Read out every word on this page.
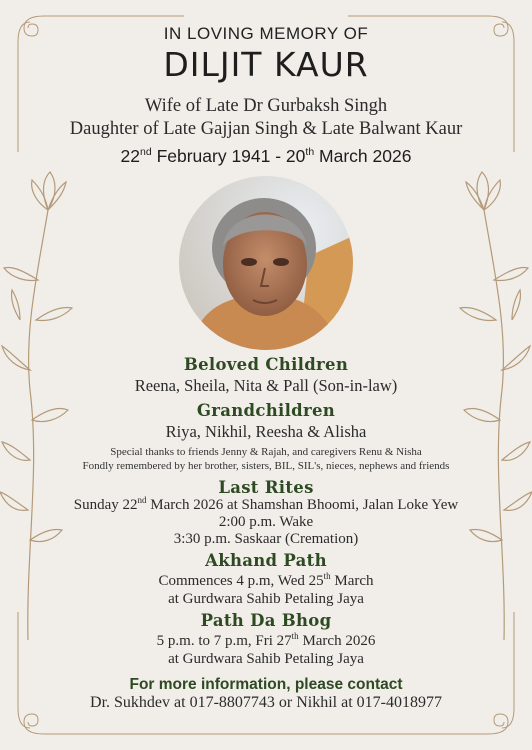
IN LOVING MEMORY OF
DILJIT KAUR
Wife of Late Dr Gurbaksh Singh
Daughter of Late Gajjan Singh & Late Balwant Kaur
22nd February 1941 - 20th March 2026
Beloved Children
Reena, Sheila, Nita & Pall (Son-in-law)
Grandchildren
Riya, Nikhil, Reesha & Alisha
Special thanks to friends Jenny & Rajah, and caregivers Renu & Nisha
Fondly remembered by her brother, sisters, BIL, SIL's, nieces, nephews and friends
Last Rites
Sunday 22nd March 2026 at Shamshan Bhoomi, Jalan Loke Yew
2:00 p.m. Wake
3:30 p.m. Saskaar (Cremation)
Akhand Path
Commences 4 p.m, Wed 25th March
at Gurdwara Sahib Petaling Jaya
Path Da Bhog
5 p.m. to 7 p.m, Fri 27th March 2026
at Gurdwara Sahib Petaling Jaya
For more information, please contact
Dr. Sukhdev at 017-8807743 or Nikhil at 017-4018977
